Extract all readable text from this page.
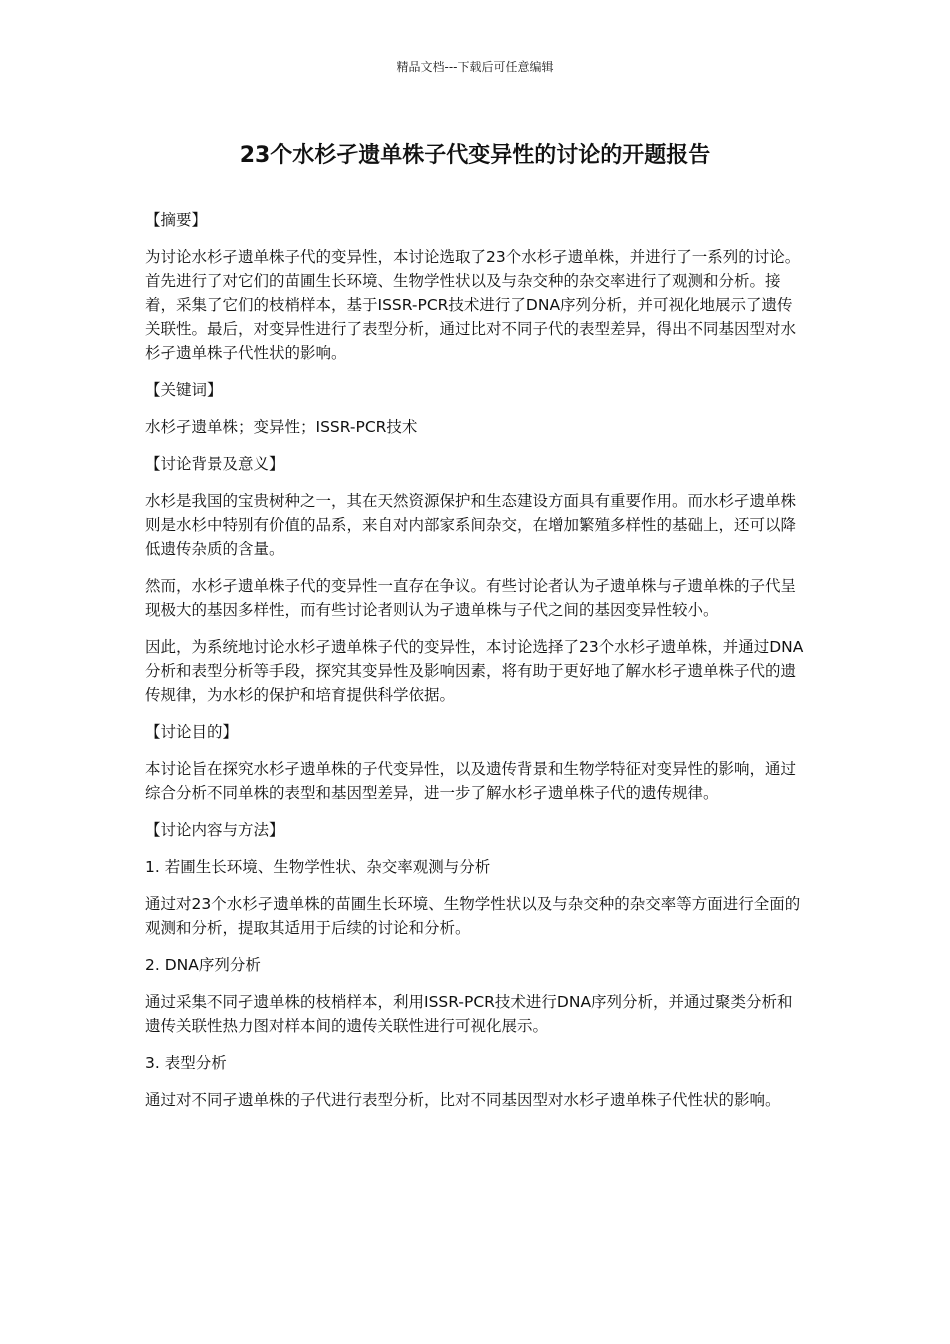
精品文档---下载后可任意编辑
23个水杉孑遗单株子代变异性的讨论的开题报告

【摘要】

为讨论水杉孑遗单株子代的变异性，本讨论选取了23个水杉孑遗单株，并进行了一系列的讨论。首先进行了对它们的苗圃生长环境、生物学性状以及与杂交种的杂交率进行了观测和分析。接着，采集了它们的枝梢样本，基于ISSR-PCR技术进行了DNA序列分析，并可视化地展示了遗传关联性。最后，对变异性进行了表型分析，通过比对不同子代的表型差异，得出不同基因型对水杉孑遗单株子代性状的影响。

【关键词】

水杉孑遗单株；变异性；ISSR-PCR技术

【讨论背景及意义】

水杉是我国的宝贵树种之一，其在天然资源保护和生态建设方面具有重要作用。而水杉孑遗单株则是水杉中特别有价值的品系，来自对内部家系间杂交，在增加繁殖多样性的基础上，还可以降低遗传杂质的含量。

然而，水杉孑遗单株子代的变异性一直存在争议。有些讨论者认为孑遗单株与孑遗单株的子代呈现极大的基因多样性，而有些讨论者则认为孑遗单株与子代之间的基因变异性较小。

因此，为系统地讨论水杉孑遗单株子代的变异性，本讨论选择了23个水杉孑遗单株，并通过DNA分析和表型分析等手段，探究其变异性及影响因素，将有助于更好地了解水杉孑遗单株子代的遗传规律，为水杉的保护和培育提供科学依据。

【讨论目的】

本讨论旨在探究水杉孑遗单株的子代变异性，以及遗传背景和生物学特征对变异性的影响，通过综合分析不同单株的表型和基因型差异，进一步了解水杉孑遗单株子代的遗传规律。

【讨论内容与方法】

1. 若圃生长环境、生物学性状、杂交率观测与分析

通过对23个水杉孑遗单株的苗圃生长环境、生物学性状以及与杂交种的杂交率等方面进行全面的观测和分析，提取其适用于后续的讨论和分析。

2. DNA序列分析

通过采集不同孑遗单株的枝梢样本，利用ISSR-PCR技术进行DNA序列分析，并通过聚类分析和遗传关联性热力图对样本间的遗传关联性进行可视化展示。

3. 表型分析

通过对不同孑遗单株的子代进行表型分析，比对不同基因型对水杉孑遗单株子代性状的影响。
